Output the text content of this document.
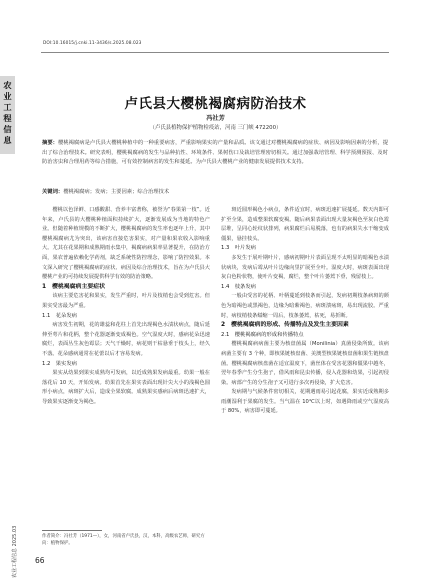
DOI:10.16015/j.cnki.11-3436/s.2025.08.023
农
业
工
程
信
息
卢氏县大樱桃褐腐病防治技术
冯社芳
（卢氏县植物保护植物检疫站，河南 三门峡 472200）
摘要：樱桃褐腐病是卢氏县大樱桃种植中的一种重要病害，严重影响果实的产量和品质。该文通过对樱桃褐腐病的症状、病因及影响因素的分析，提出了综合治理技术。研究表明，樱桃褐腐病的发生与品种抗性、环境条件、果树伤口及栽培管理密切相关。通过加强栽培管理、科学预测预报、及时防治害虫和合理用药等综合措施，可有效控制病害的发生和蔓延。为卢氏县大樱桃产业的健康发展提供技术支持。
关键词：樱桃褐腐病；发病；主要因素；综合治理技术

樱桃以色泽鲜、口感酸甜、营养丰富著称，被誉为“春果第一枝”。近年来，卢氏县的大樱桃种植面积持续扩大，逐渐发展成为当地的特色产业。但随着种植规模的不断扩大，樱桃褐腐病的发生率也逐年上升，其中樱桃褐腐病尤为突出，该病害直接危害果实，对产量和果农收入影响重大。尤其在花果期和成熟期雨水集中，褐腐病病果率显著提升，在防治方面，果农普遍依赖化学药剂，缺乏系统性防控理念，影响了防控效果。本文深入研究了樱桃褐腐病的症状、病因及综合治理技术，旨在为卢氏县大樱桃产业的可持续发展提供科学有效的防治策略。

1　樱桃褐腐病主要症状

该病主要危害花和果实，发生严重时，叶片及枝梢也会受到危害。但果实受害最为严重。

1.1　花朵发病

病害发生初期，花的雄蕊和花柱上首先出现褐色水渍状病点，随后延伸至萼片和花柄，整个花器逐渐变成褐色。空气湿度大时，感病花朵迅速腐烂，表面丛生灰色霉层；天气干燥时，病花则干枯悬垂于枝头上，经久不落。花朵感病通常在花蕾以后才容易发病。

1.2　果实发病

果实从幼果到果实成熟均可发病，以近成熟果发病最重。幼果一般在落花后 10 天，开始发病。幼果首先在果实表面出现针尖大小的浅褐色圆形小病点，病斑扩大后，造成全果软腐。成熟果实感病后病斑迅速扩大，导致果实逐渐变为褐色。

斑近圆形褐色小病点，条件适宜时，病斑迅速扩展蔓延。数天内即可扩至全果，造成整果软腐变褐。随后病果表面出现大量灰褐色至灰白色霉层堆，呈同心轮纹状排列，病果腐烂后易脱落，也有的病果失水干缩变成僵果，悬挂枝头。

1.3　叶片发病

多发生于展叶期叶片，感病初期叶片表面呈现不太明显的暗褐色水渍状病块，发病后霉从叶片边缘向里扩展至全叶。湿度大时，病斑表面出现灰白色粉状物，使叶片变褐，腐烂，整个叶片萎蔫下垂，残留枝上。

1.4　枝条发病

一般由受害的花柄、叶柄蔓延到枝条而引起，发病初期枝条病斑的颜色为暗褐色或黑褐色，边缘为暗紫褐色，病斑溃疡斑，易出现流胶。严重时，病枝梢枝条缢缩一周后，枝条萎蔫，枯死，易折断。

2　樱桃褐腐病的形成、传播特点及发生主要因素

2.1　樱桃褐腐病的形成和传播特点

樱桃褐腐病病菌主要为核盘菌属（Monilinia）真菌侵染所致。该病病菌主要有 3 个种，即核果链核盘菌、美澳型核果链核盘菌和果生链核盘菌。樱桃褐腐病核盘菌在适宜温度下，菌丝体在受害花器和僵果中越冬，翌年春季产生分生孢子，借风雨和昆虫传播，侵入花器和幼果，引起初侵染。病部产生的分生孢子又可进行多次再侵染，扩大危害。

发病期与气候条件密切相关，花期遇雨易引起花腐，果实近成熟期多雨潮湿利于果腐的发生。当气温在 10℃以上时，如遇降雨或空气湿度高于 80%，病害即可蔓延。

作者简介：冯社芳（1971—），女，河南省卢氏县，汉，本科，高级农艺师，研究方向：植物保护。
农业工程信息 2025.03 66
